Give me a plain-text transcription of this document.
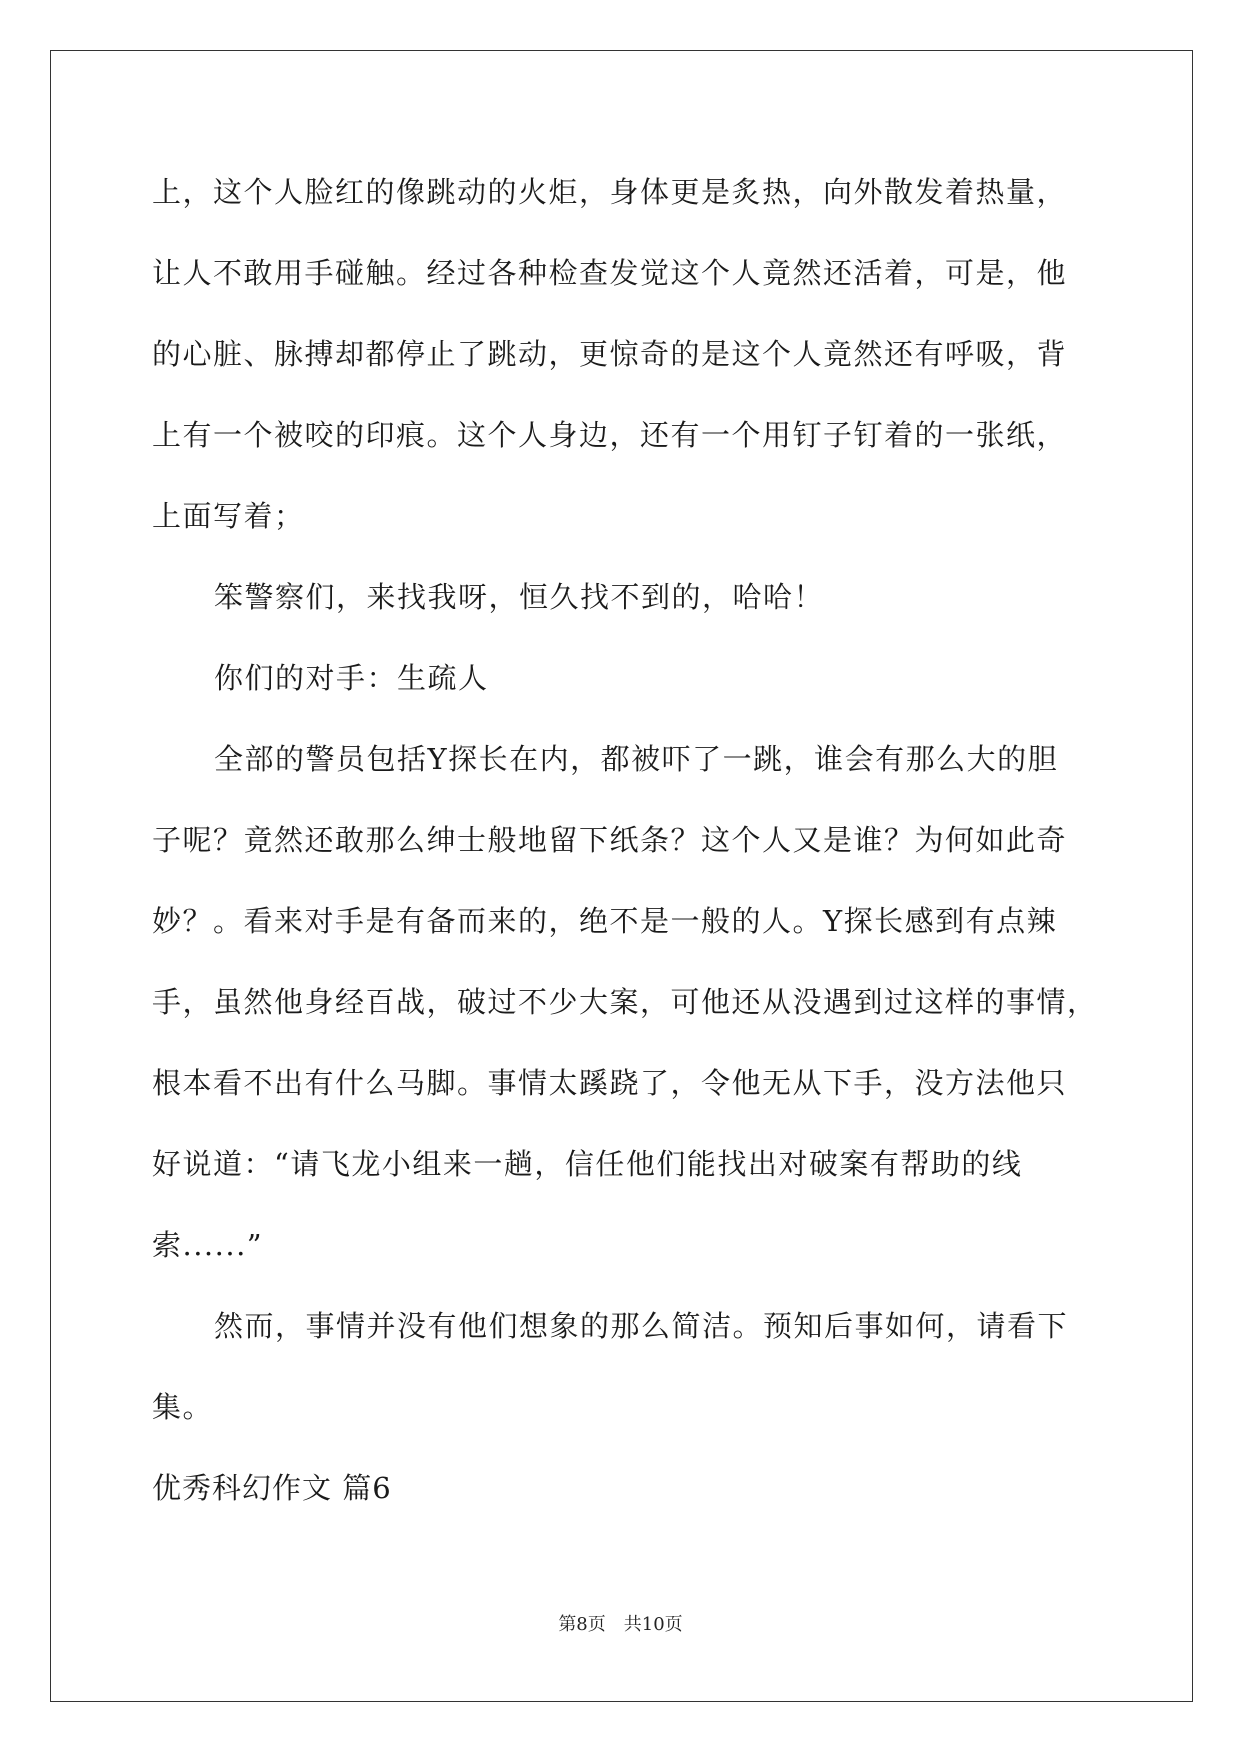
上，这个人脸红的像跳动的火炬，身体更是炙热，向外散发着热量，
让人不敢用手碰触。经过各种检查发觉这个人竟然还活着，可是，他
的心脏、脉搏却都停止了跳动，更惊奇的是这个人竟然还有呼吸，背
上有一个被咬的印痕。这个人身边，还有一个用钉子钉着的一张纸，
上面写着；
笨警察们，来找我呀，恒久找不到的，哈哈！
你们的对手：生疏人
全部的警员包括Y探长在内，都被吓了一跳，谁会有那么大的胆
子呢？竟然还敢那么绅士般地留下纸条？这个人又是谁？为何如此奇
妙？。看来对手是有备而来的，绝不是一般的人。Y探长感到有点辣
手，虽然他身经百战，破过不少大案，可他还从没遇到过这样的事情，
根本看不出有什么马脚。事情太蹊跷了，令他无从下手，没方法他只
好说道：“请飞龙小组来一趟，信任他们能找出对破案有帮助的线
索......”
然而，事情并没有他们想象的那么简洁。预知后事如何，请看下
集。
优秀科幻作文 篇6
第8页　共10页
